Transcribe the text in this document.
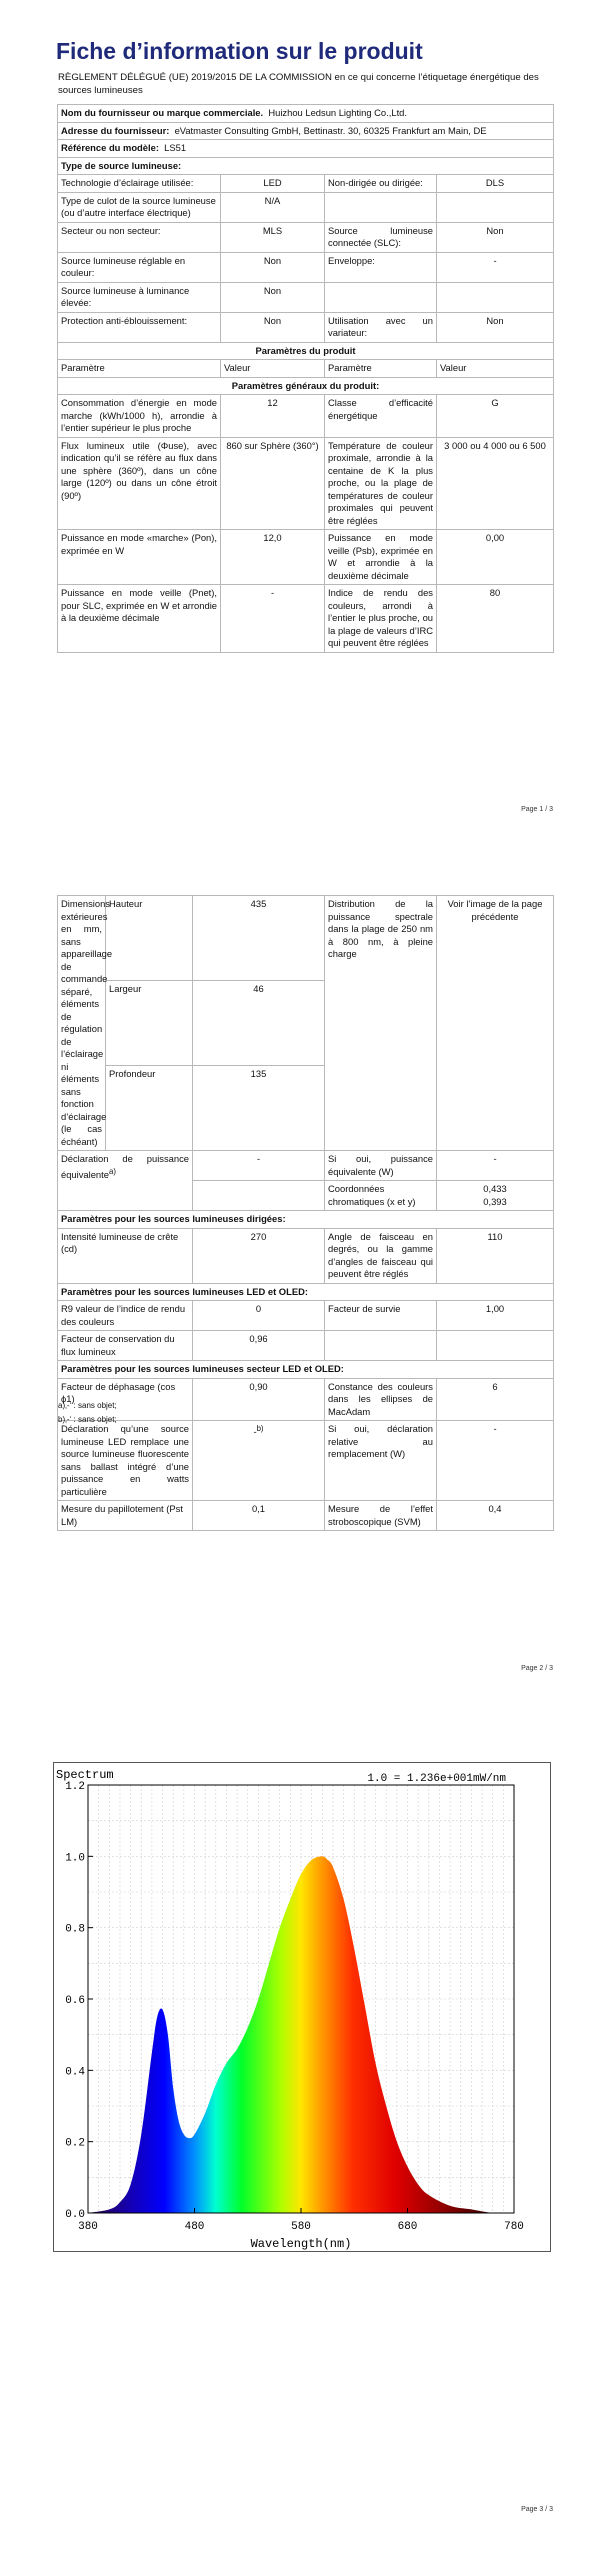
Fiche d’information sur le produit
RÈGLEMENT DÉLÉGUÉ (UE) 2019/2015 DE LA COMMISSION en ce qui concerne l’étiquetage énergétique des sources lumineuses
Nom du fournisseur ou marque commerciale. Huizhou Ledsun Lighting Co.,Ltd.			
Adresse du fournisseur: eVatmaster Consulting GmbH, Bettinastr. 30, 60325 Frankfurt am Main, DE			
Référence du modèle: LS51			
Type de source lumineuse:			
Technologie d’éclairage utilisée:	LED	Non-dirigée ou dirigée:	DLS
Type de culot de la source lumineuse
(ou d’autre interface électrique)	N/A		
Secteur ou non secteur:	MLS	Source lumineuse connectée (SLC):	Non
Source lumineuse réglable en couleur:	Non	Enveloppe:	-
Source lumineuse à luminance élevée:	Non		
Protection anti-éblouissement:	Non	Utilisation avec un variateur:	Non
Paramètres du produit			
Paramètre	Valeur	Paramètre	Valeur
Paramètres généraux du produit:			
Consommation d’énergie en mode marche (kWh/1000 h), arrondie à l’entier supérieur le plus proche	12	Classe d’efficacité énergétique	G
Flux lumineux utile (Φuse), avec indication qu’il se réfère au flux dans une sphère (360º), dans un cône large (120º) ou dans un cône étroit (90º)	860 sur Sphère (360°)	Température de couleur proximale, arrondie à la centaine de K la plus proche, ou la plage de températures de couleur proximales qui peuvent être réglées	3 000 ou 4 000 ou 6 500
Puissance en mode «marche» (Pon), exprimée en W	12,0	Puissance en mode veille (Psb), exprimée en W et arrondie à la deuxième décimale	0,00
Puissance en mode veille (Pnet), pour SLC, exprimée en W et arrondie à la deuxième décimale	-	Indice de rendu des couleurs, arrondi à l’entier le plus proche, ou la plage de valeurs d’IRC qui peuvent être réglées	80
Page 1 / 3
Dimensions extérieures en mm, sans appareillage de commande séparé, éléments de régulation de l’éclairage ni éléments sans fonction d’éclairage (le cas échéant)	Hauteur	435	Distribution de la puissance spectrale dans la plage de 250 nm à 800 nm, à pleine charge	Voir l’image de la page précédente
	Largeur	46		
	Profondeur	135		
Déclaration de puissance équivalente$^{a)}$		-	Si oui, puissance équivalente (W)	-
			Coordonnées chromatiques (x et y)	0,433
0,393
Paramètres pour les sources lumineuses dirigées:				
Intensité lumineuse de crête (cd)		270	Angle de faisceau en degrés, ou la gamme d’angles de faisceau qui peuvent être réglés	110
Paramètres pour les sources lumineuses LED et OLED:				
R9 valeur de l’indice de rendu des couleurs		0	Facteur de survie	1,00
Facteur de conservation du flux lumineux		0,96		
Paramètres pour les sources lumineuses secteur LED et OLED:				
Facteur de déphasage (cos ϕ1)		0,90	Constance des couleurs dans les ellipses de MacAdam	6
Déclaration qu’une source lumineuse LED remplace une source lumineuse fluorescente sans ballast intégré d’une puissance en watts particulière		-$^{b)}$	Si oui, déclaration relative au remplacement (W)	-
Mesure du papillotement (Pst LM)		0,1	Mesure de l’effet stroboscopique (SVM)	0,4
a)‚-‘ : sans objet;
b)‚-‘ : sans objet;
Page 2 / 3
380	480	580	680	780
0.0
0.2
0.4
0.6
0.8
1.0
1.2
Spectrum	1.0 = 1.236e+001mW/nm
Wavelength(nm)
Page 3 / 3
